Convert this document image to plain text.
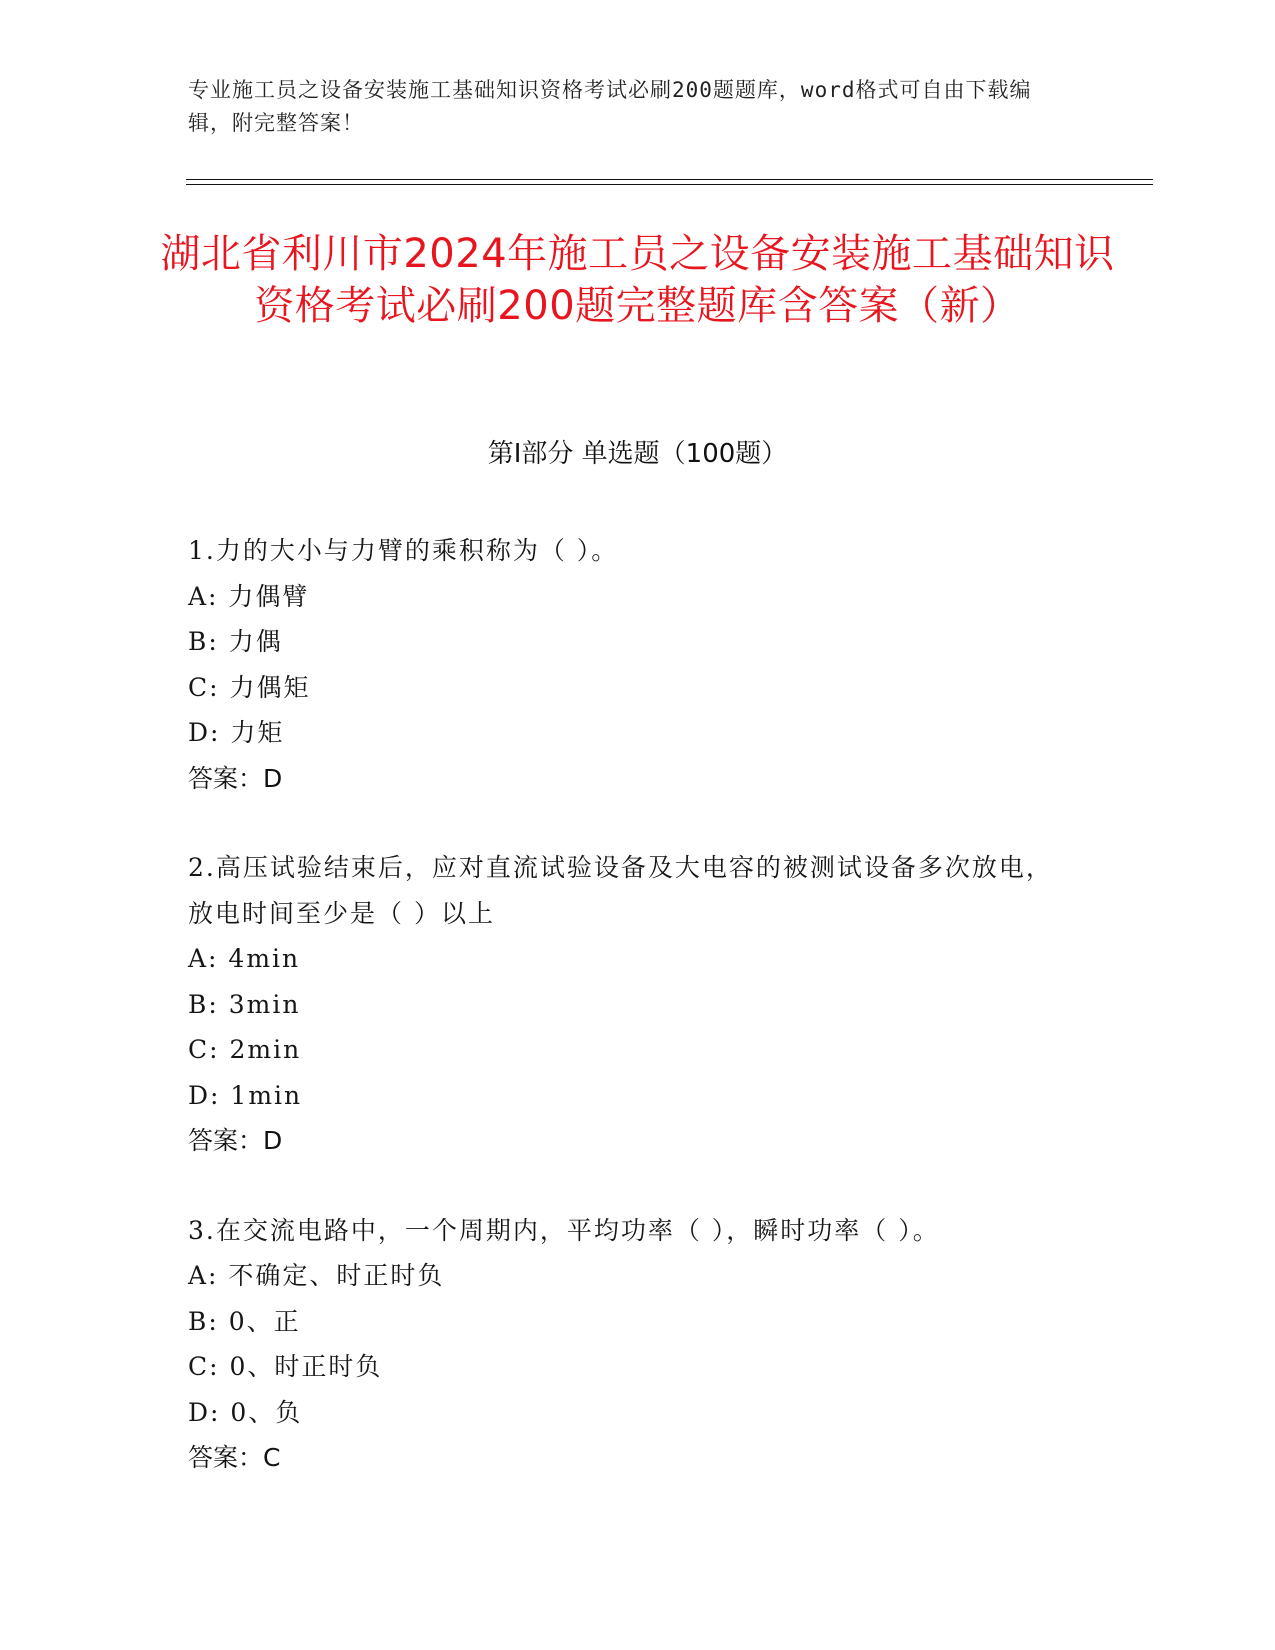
专业施工员之设备安装施工基础知识资格考试必刷200题题库，word格式可自由下载编辑，附完整答案！
湖北省利川市2024年施工员之设备安装施工基础知识资格考试必刷200题完整题库含答案（新）
第Ⅰ部分 单选题（100题）

1.力的大小与力臂的乘积称为（ ）。

A: 力偶臂

B: 力偶

C: 力偶矩

D: 力矩

答案：D

2.高压试验结束后，应对直流试验设备及大电容的被测试设备多次放电，放电时间至少是（ ）以上

A: 4min

B: 3min

C: 2min

D: 1min

答案：D

3.在交流电路中，一个周期内，平均功率（ ），瞬时功率（ ）。

A: 不确定、时正时负

B: 0、正

C: 0、时正时负

D: 0、负

答案：C
